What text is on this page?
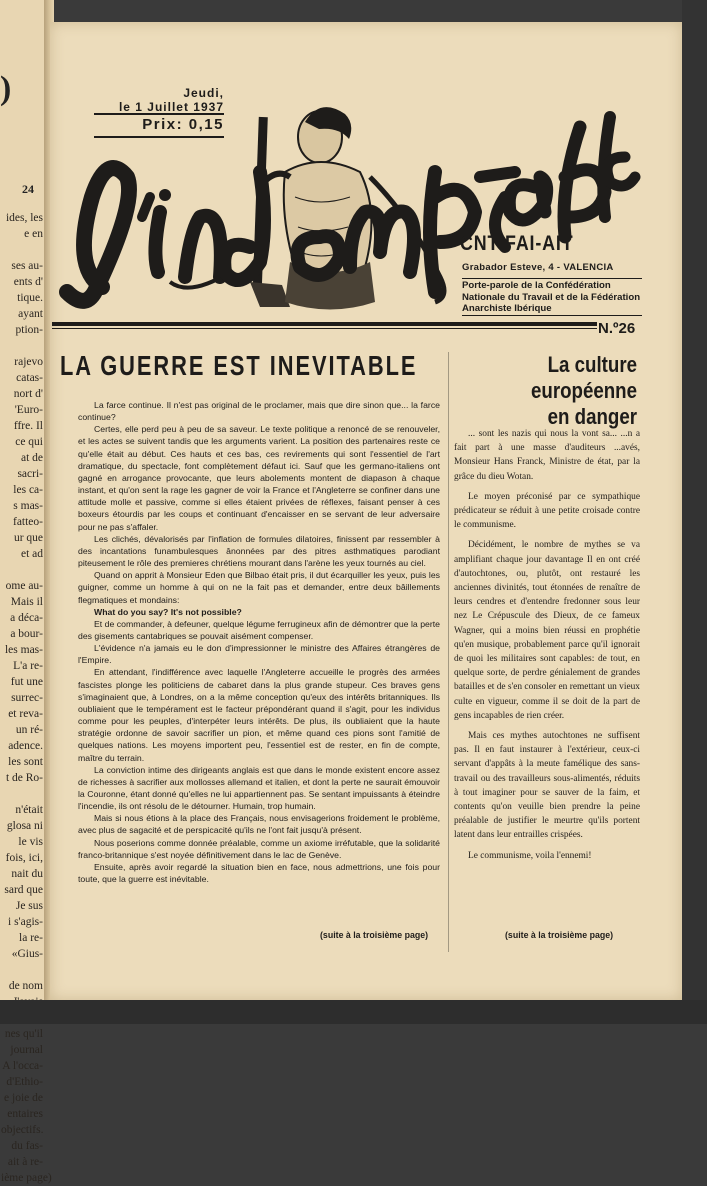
)
24
ides, les
e en

ses au-
ents d'
tique.
ayant
ption-

rajevo
catas-
nort d'
'Euro-
ffre. Il
ce qui
at de
sacri-
les ca-
s mas-
fatteo-
ur que
et ad

ome au-
Mais il
a déca-
a bour-
les mas-
L'a re-
fut une
surrec-
et reva-
un ré-
adence.
les sont
t de Ro-

n'était
glosa ni
le vis
fois, ici,
nait du
sard que
Je sus
i s'agis-
la re-
«Gius-

de nom
nes qu'il
journal
A l'occa-
d'Ethio-
e joie de
entaires
objectifs.
du fas-
ait à re-
ième page)
Jeudi,
le 1 Juillet 1937
Prix: 0,15
CNT-FAI-AIT
Grabador Esteve, 4 - VALENCIA
Porte-parole de la Confédération Nationale du Travail et de la Fédération Anarchiste Ibérique
N.º26
LA GUERRE EST INEVITABLE	La culture européenne
en danger

La farce continue. Il n'est pas original de le proclamer, mais que dire sinon que... la farce continue?

Certes, elle perd peu à peu de sa saveur. Le texte politique a renoncé de se renouveler, et les actes se suivent tandis que les arguments varient. La position des partenaires reste ce qu'elle était au début. Ces hauts et ces bas, ces revirements qui sont l'essentiel de l'art dramatique, du spectacle, font complètement défaut ici. Sauf que les germano-italiens ont gagné en arrogance provocante, que leurs abolements montent de diapason à chaque instant, et qu'on sent la rage les gagner de voir la France et l'Angleterre se confiner dans une attitude molle et passive, comme si elles étaient privées de réflexes, faisant penser à ces boxeurs étourdis par les coups et continuant d'encaisser en se servant de leur adversaire pour ne pas s'affaler.

Les clichés, dévalorisés par l'inflation de formules dilatoires, finissent par ressembler à des incantations funambulesques ânonnées par des pitres asthmatiques parodiant piteusement le rôle des premieres chrétiens mourant dans l'arène les yeux tournés au ciel.

Quand on apprit à Monsieur Eden que Bilbao était pris, il dut écarquiller les yeux, puis les guigner, comme un homme à qui on ne la fait pas et demander, entre deux bâillements flegmatiques et mondains:

What do you say? It's not possible?

Et de commander, à defeuner, quelque légume ferrugineux afin de démontrer que la perte des gisements cantabriques se pouvait aisément compenser.

L'évidence n'a jamais eu le don d'impressionner le ministre des Affaires étrangères de l'Empire.

En attendant, l'indifférence avec laquelle l'Angleterre accueille le progrès des armées fascistes plonge les politiciens de cabaret dans la plus grande stupeur. Ces braves gens s'imaginaient que, à Londres, on a la même conception qu'eux des intérêts britanniques. Ils oubliaient que le tempérament est le facteur prépondérant quand il s'agit, pour les individus comme pour les peuples, d'interpéter leurs intérêts. De plus, ils oubliaient que la haute stratégie ordonne de savoir sacrifier un pion, et même quand ces pions sont l'amitié de quelques nations. Les moyens importent peu, l'essentiel est de rester, en fin de compte, maître du terrain.

La conviction intime des dirigeants anglais est que dans le monde existent encore assez de richesses à sacrifier aux mollosses allemand et italien, et dont la perte ne saurait émouvoir la Couronne, étant donné qu'elles ne lui appartiennent pas. Se sentant impuissants à éteindre l'incendie, ils ont résolu de le détourner. Humain, trop humain.

Mais si nous étions à la place des Français, nous envisagerions froidement le problème, avec plus de sagacité et de perspicacité qu'ils ne l'ont fait jusqu'à présent.

Nous poserions comme donnée préalable, comme un axiome irréfutable, que la solidarité franco-britannique s'est noyée définitivement dans le lac de Genève.

Ensuite, après avoir regardé la situation bien en face, nous admettrions, une fois pour toute, que la guerre est inévitable.

(suite à la troisième page)

... sont les nazis qui nous la vont sa... ...n a fait part à une masse d'auditeurs ...avés, Monsieur Hans Franck, Ministre de état, par la grâce du dieu Wotan.

Le moyen préconisé par ce sympathique prédicateur se réduit à une petite croisade contre le communisme.

Décidément, le nombre de mythes se va amplifiant chaque jour davantage Il en ont créé d'autochtones, ou, plutôt, ont restauré les anciennes divinités, tout étonnées de renaître de leurs cendres et d'entendre fredonner sous leur nez Le Crépuscule des Dieux, de ce fameux Wagner, qui a moins bien réussi en prophétie qu'en musique, probablement parce qu'il ignorait de quoi les militaires sont capables: de tout, en quelque sorte, de perdre génialement de grandes batailles et de s'en consoler en remettant un vieux culte en vigueur, comme il se doit de la part de gens incapables de rien créer.

Mais ces mythes autochtones ne suffisent pas. Il en faut instaurer à l'extérieur, ceux-ci servant d'appâts à la meute famélique des sans-travail ou des travailleurs sous-alimentés, réduits à tout imaginer pour se sauver de la faim, et contents qu'on veuille bien prendre la peine préalable de justifier le meurtre qu'ils portent latent dans leur entrailles crispées.

Le communisme, voila l'ennemi!

(suite à la troisième page)
